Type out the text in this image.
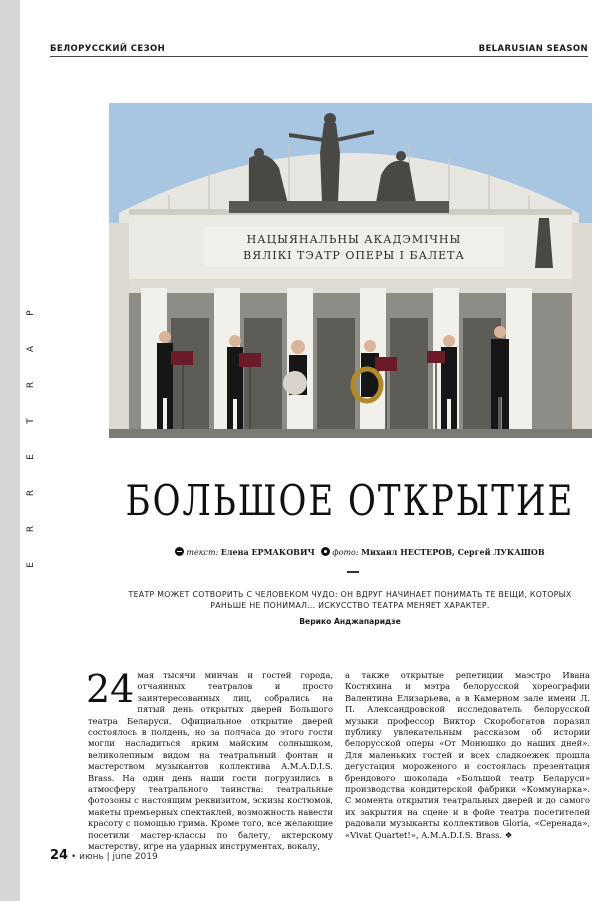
P
A
R
T
E
R
R
E
БЕЛОРУССКИЙ СЕЗОН	BELARUSIAN SEASON
НАЦЫЯНАЛЬНЫ АКАДЭМІЧНЫ
ВЯЛІКІ ТЭАТР ОПЕРЫ І БАЛЕТА
БОЛЬШОЕ ОТКРЫТИЕ
текст: Елена ЕРМАКОВИЧ фото: Михаил НЕСТЕРОВ, Сергей ЛУКАШОВ
ТЕАТР МОЖЕТ СОТВОРИТЬ С ЧЕЛОВЕКОМ ЧУДО: ОН ВДРУГ НАЧИНАЕТ ПОНИМАТЬ ТЕ ВЕЩИ, КОТОРЫХ РАНЬШЕ НЕ ПОНИМАЛ… ИСКУССТВО ТЕАТРА МЕНЯЕТ ХАРАКТЕР.
Верико Анджапаридзе
24 мая тысячи минчан и гостей города, отчаянных театралов и просто заинтересованных лиц, собрались на пятый день открытых дверей Большого театра Беларуси. Официальное открытие дверей состоялось в полдень, но за полчаса до этого гости могли насладиться ярким майским солнышком, великолепным видом на театральный фонтан и мастерством музыкантов коллектива A.M.A.D.I.S. Brass. На один день наши гости погрузились в атмосферу театрального таинства: театральные фотозоны с настоящим реквизитом, эскизы костюмов, макеты премьерных спектаклей, возможность навести красоту с помощью грима. Кроме того, все желающие посетили мастер-классы по балету, актерскому мастерству, игре на ударных инструментах, вокалу,
а также открытые репетиции маэстро Ивана Костяхина и мэтра белорусской хореографии Валентина Елизарьева, а в Камерном зале имени Л. П. Александровской исследователь белорусской музыки профессор Виктор Скоробогатов поразил публику увлекательным рассказом об истории белорусской оперы «От Монюшко до наших дней». Для маленьких гостей и всех сладкоежек прошла дегустация мороженого и состоялась презентация брендового шоколада «Большой театр Беларуси» производства кондитерской фабрики «Коммунарка». С момента открытия театральных дверей и до самого их закрытия на сцене и в фойе театра посетителей радовали музыканты коллективов Gloria, «Серенада», «Vivat Quartet!», A.M.A.D.I.S. Brass. ❖
24 • июнь | june 2019
